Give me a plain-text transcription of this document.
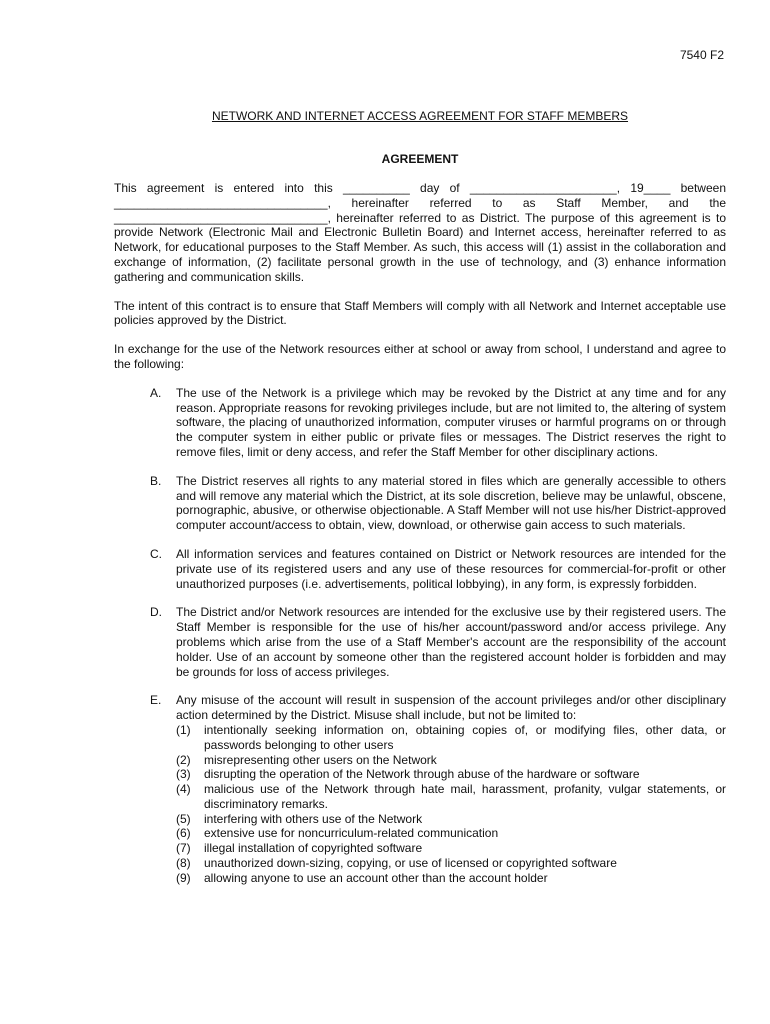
7540 F2
NETWORK AND INTERNET ACCESS AGREEMENT FOR STAFF MEMBERS
AGREEMENT
This agreement is entered into this __________ day of ______________________, 19____ between
________________________________, hereinafter referred to as Staff Member, and the
________________________________, hereinafter referred to as District. The purpose of this agreement is to provide Network (Electronic Mail and Electronic Bulletin Board) and Internet access, hereinafter referred to as Network, for educational purposes to the Staff Member. As such, this access will (1) assist in the collaboration and exchange of information, (2) facilitate personal growth in the use of technology, and (3) enhance information gathering and communication skills.

The intent of this contract is to ensure that Staff Members will comply with all Network and Internet acceptable use policies approved by the District.

In exchange for the use of the Network resources either at school or away from school, I understand and agree to the following:

A. The use of the Network is a privilege which may be revoked by the District at any time and for any reason. Appropriate reasons for revoking privileges include, but are not limited to, the altering of system software, the placing of unauthorized information, computer viruses or harmful programs on or through the computer system in either public or private files or messages. The District reserves the right to remove files, limit or deny access, and refer the Staff Member for other disciplinary actions.
B. The District reserves all rights to any material stored in files which are generally accessible to others and will remove any material which the District, at its sole discretion, believe may be unlawful, obscene, pornographic, abusive, or otherwise objectionable. A Staff Member will not use his/her District-approved computer account/access to obtain, view, download, or otherwise gain access to such materials.
C. All information services and features contained on District or Network resources are intended for the private use of its registered users and any use of these resources for commercial-for-profit or other unauthorized purposes (i.e. advertisements, political lobbying), in any form, is expressly forbidden.
D. The District and/or Network resources are intended for the exclusive use by their registered users. The Staff Member is responsible for the use of his/her account/password and/or access privilege. Any problems which arise from the use of a Staff Member's account are the responsibility of the account holder. Use of an account by someone other than the registered account holder is forbidden and may be grounds for loss of access privileges.
E. Any misuse of the account will result in suspension of the account privileges and/or other disciplinary action determined by the District. Misuse shall include, but not be limited to:
(1) intentionally seeking information on, obtaining copies of, or modifying files, other data, or passwords belonging to other users
(2) misrepresenting other users on the Network
(3) disrupting the operation of the Network through abuse of the hardware or software
(4) malicious use of the Network through hate mail, harassment, profanity, vulgar statements, or discriminatory remarks.
(5) interfering with others use of the Network
(6) extensive use for noncurriculum-related communication
(7) illegal installation of copyrighted software
(8) unauthorized down-sizing, copying, or use of licensed or copyrighted software
(9) allowing anyone to use an account other than the account holder
